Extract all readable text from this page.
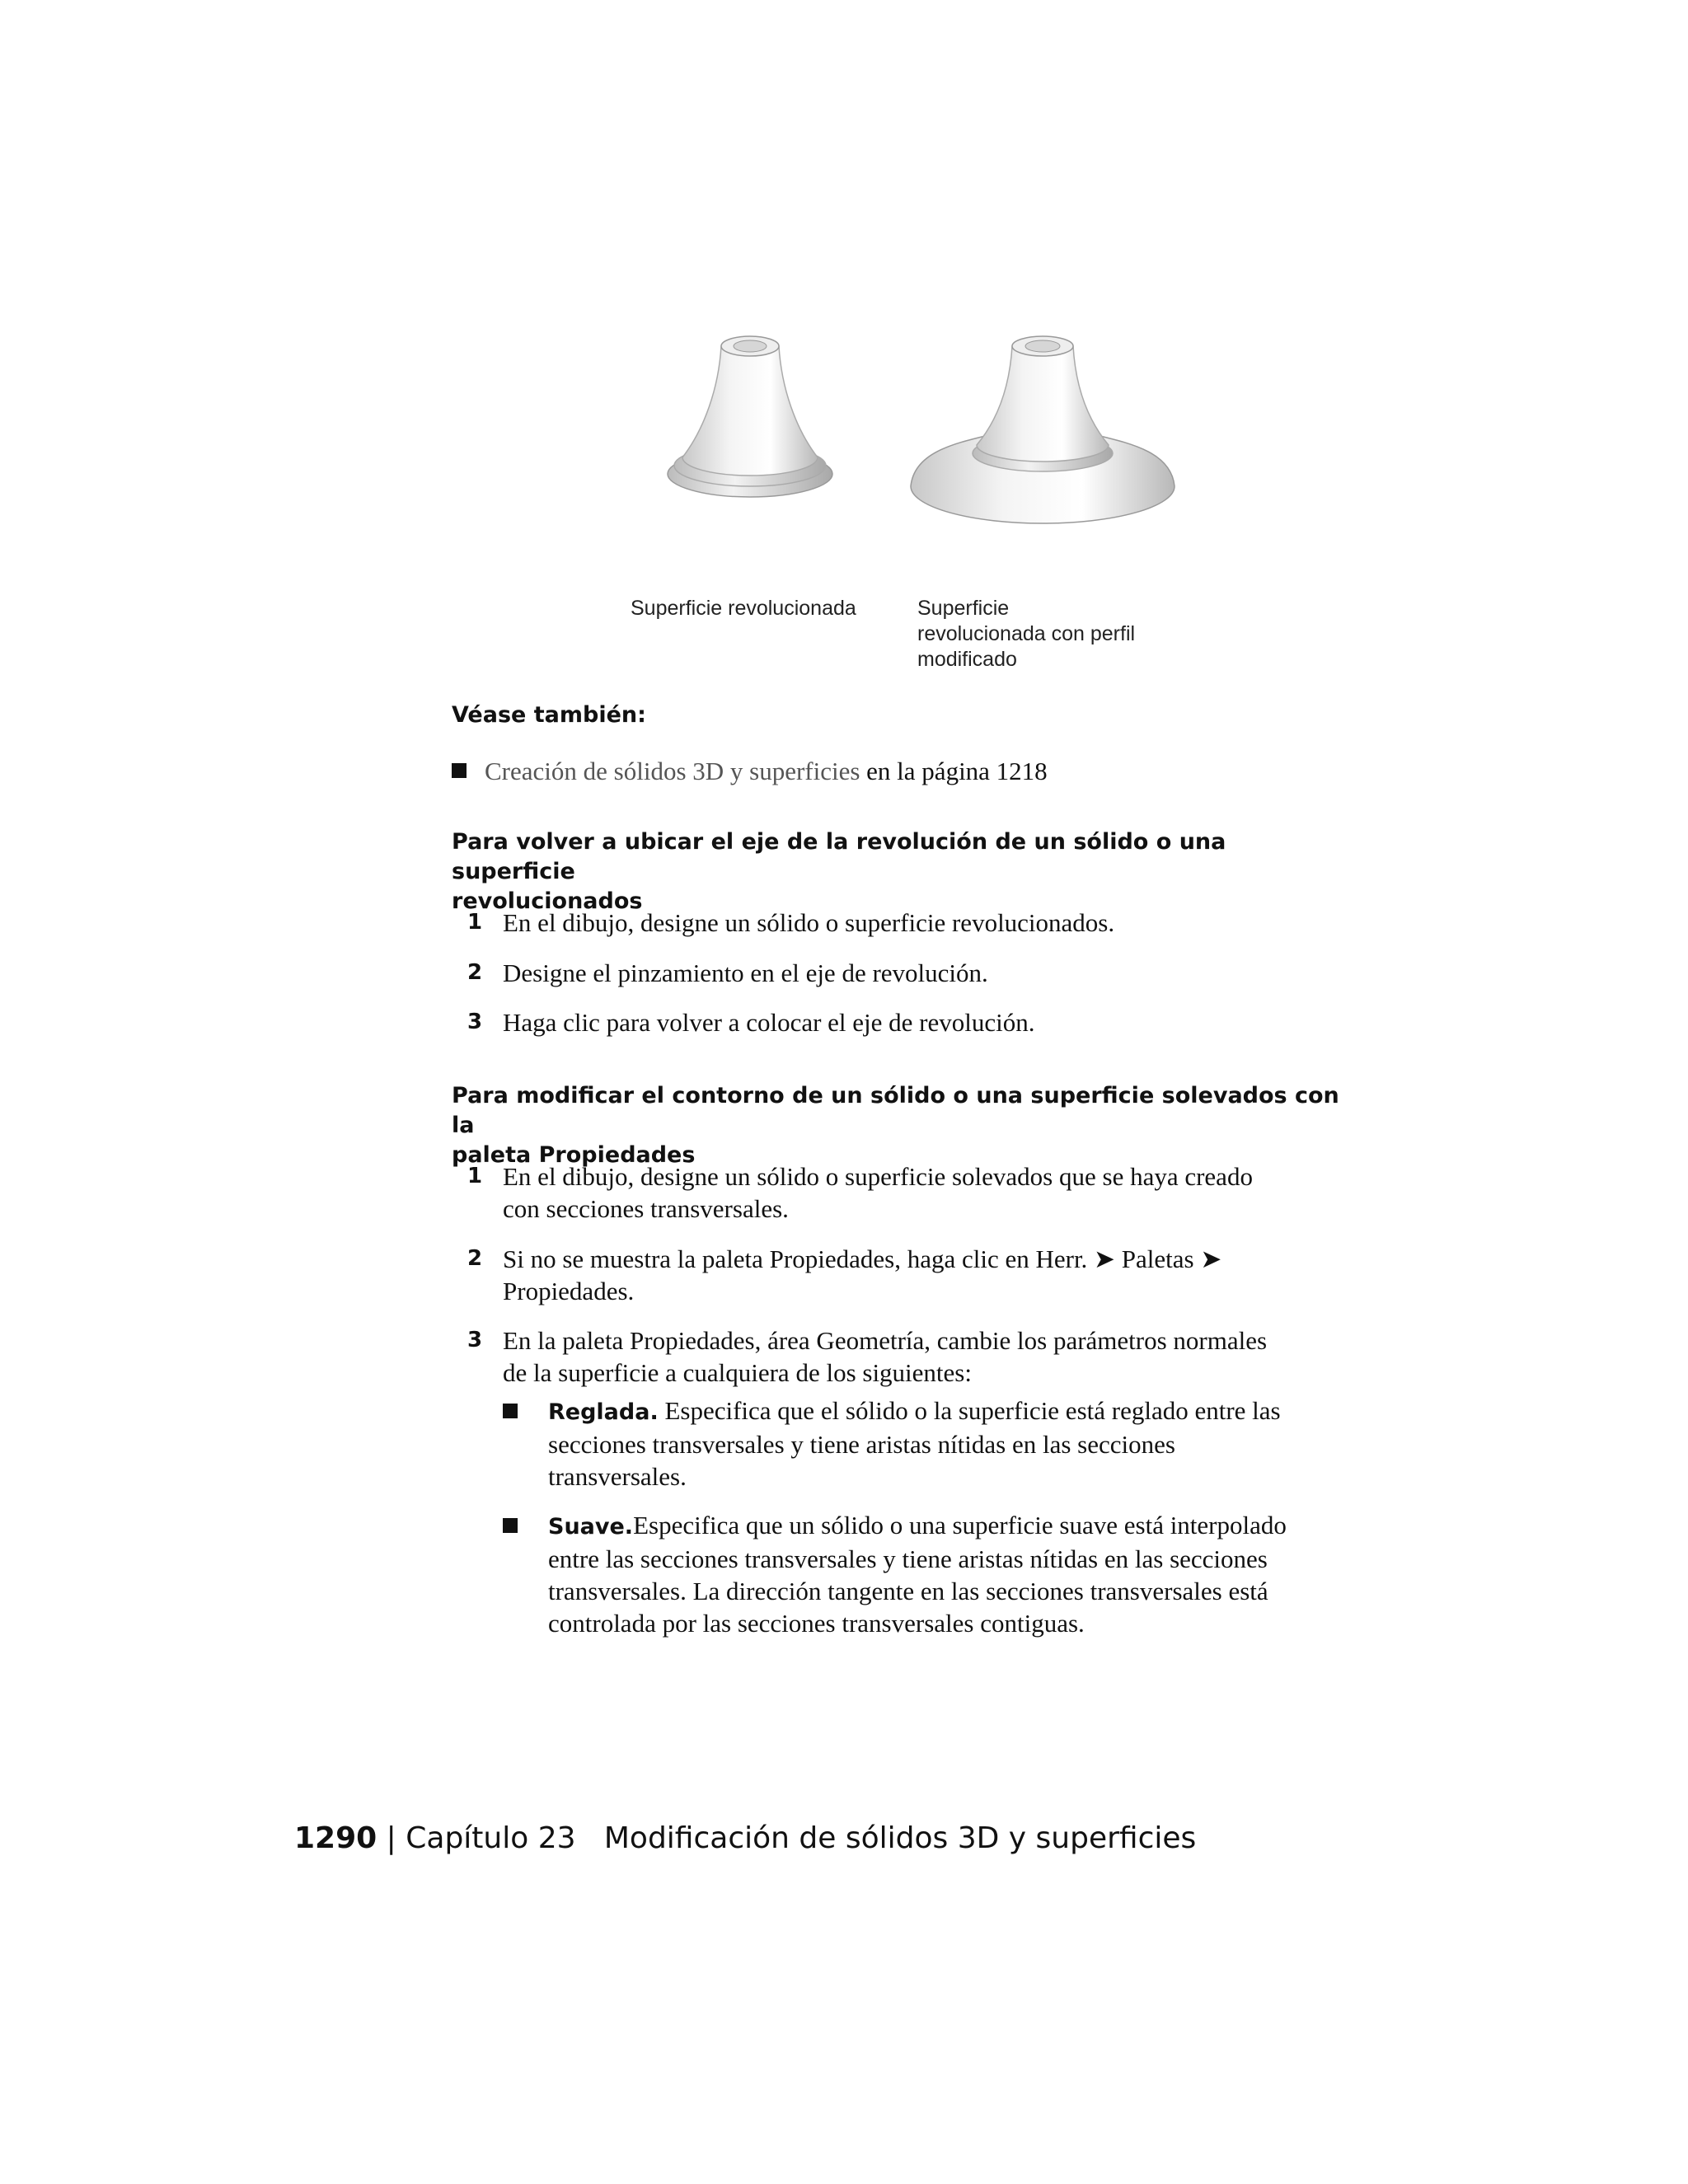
Superficie revolucionada	Superficie
revolucionada con perfil
modificado
Véase también:
Creación de sólidos 3D y superficies en la página 1218
Para volver a ubicar el eje de la revolución de un sólido o una superficie
revolucionados
1 En el dibujo, designe un sólido o superficie revolucionados.
2 Designe el pinzamiento en el eje de revolución.
3 Haga clic para volver a colocar el eje de revolución.
Para modificar el contorno de un sólido o una superficie solevados con la
paleta Propiedades
1 En el dibujo, designe un sólido o superficie solevados que se haya creado
con secciones transversales.
2 Si no se muestra la paleta Propiedades, haga clic en Herr. ➤ Paletas ➤
Propiedades.
3 En la paleta Propiedades, área Geometría, cambie los parámetros normales
de la superficie a cualquiera de los siguientes:
Reglada. Especifica que el sólido o la superficie está reglado entre las
secciones transversales y tiene aristas nítidas en las secciones
transversales.
Suave.Especifica que un sólido o una superficie suave está interpolado
entre las secciones transversales y tiene aristas nítidas en las secciones
transversales. La dirección tangente en las secciones transversales está
controlada por las secciones transversales contiguas.
1290 | Capítulo 23 Modificación de sólidos 3D y superficies
